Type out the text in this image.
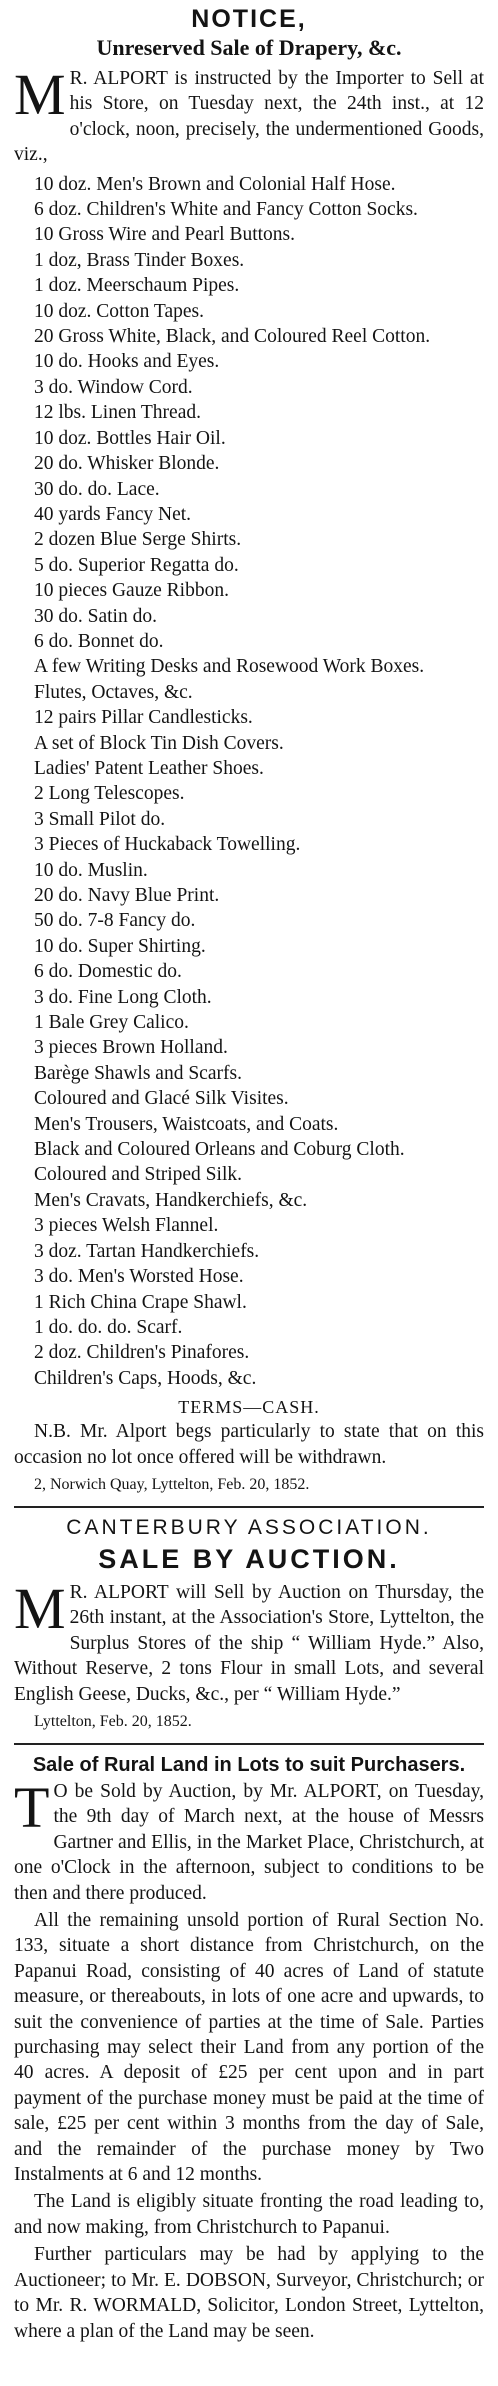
NOTICE,
Unreserved Sale of Drapery, &c.

M R. ALPORT is instructed by the Importer to Sell at his Store, on Tuesday next, the 24th inst., at 12 o'clock, noon, precisely, the undermentioned Goods, viz.,

10 doz. Men's Brown and Colonial Half Hose.
6 doz. Children's White and Fancy Cotton Socks.
10 Gross Wire and Pearl Buttons.
1 doz, Brass Tinder Boxes.
1 doz. Meerschaum Pipes.
10 doz. Cotton Tapes.
20 Gross White, Black, and Coloured Reel Cotton.
10 do. Hooks and Eyes.
3 do. Window Cord.
12 lbs. Linen Thread.
10 doz. Bottles Hair Oil.
20 do. Whisker Blonde.
30 do. do. Lace.
40 yards Fancy Net.
2 dozen Blue Serge Shirts.
5 do. Superior Regatta do.
10 pieces Gauze Ribbon.
30 do. Satin do.
6 do. Bonnet do.
A few Writing Desks and Rosewood Work Boxes.
Flutes, Octaves, &c.
12 pairs Pillar Candlesticks.
A set of Block Tin Dish Covers.
Ladies' Patent Leather Shoes.
2 Long Telescopes.
3 Small Pilot do.
3 Pieces of Huckaback Towelling.
10 do. Muslin.
20 do. Navy Blue Print.
50 do. 7-8 Fancy do.
10 do. Super Shirting.
6 do. Domestic do.
3 do. Fine Long Cloth.
1 Bale Grey Calico.
3 pieces Brown Holland.
Barège Shawls and Scarfs.
Coloured and Glacé Silk Visites.
Men's Trousers, Waistcoats, and Coats.
Black and Coloured Orleans and Coburg Cloth.
Coloured and Striped Silk.
Men's Cravats, Handkerchiefs, &c.
3 pieces Welsh Flannel.
3 doz. Tartan Handkerchiefs.
3 do. Men's Worsted Hose.
1 Rich China Crape Shawl.
1 do. do. do. Scarf.
2 doz. Children's Pinafores.
Children's Caps, Hoods, &c.
TERMS—CASH.

N.B. Mr. Alport begs particularly to state that on this occasion no lot once offered will be withdrawn.

2, Norwich Quay, Lyttelton, Feb. 20, 1852.
CANTERBURY ASSOCIATION.
SALE BY AUCTION.

M R. ALPORT will Sell by Auction on Thursday, the 26th instant, at the Association's Store, Lyttelton, the Surplus Stores of the ship “ William Hyde.” Also, Without Reserve, 2 tons Flour in small Lots, and several English Geese, Ducks, &c., per “ William Hyde.”

Lyttelton, Feb. 20, 1852.
Sale of Rural Land in Lots to suit Purchasers.

T O be Sold by Auction, by Mr. ALPORT, on Tuesday, the 9th day of March next, at the house of Messrs Gartner and Ellis, in the Market Place, Christchurch, at one o'Clock in the afternoon, subject to conditions to be then and there produced.

All the remaining unsold portion of Rural Section No. 133, situate a short distance from Christchurch, on the Papanui Road, consisting of 40 acres of Land of statute measure, or thereabouts, in lots of one acre and upwards, to suit the convenience of parties at the time of Sale. Parties purchasing may select their Land from any portion of the 40 acres. A deposit of £25 per cent upon and in part payment of the purchase money must be paid at the time of sale, £25 per cent within 3 months from the day of Sale, and the remainder of the purchase money by Two Instalments at 6 and 12 months.

The Land is eligibly situate fronting the road leading to, and now making, from Christchurch to Papanui.

Further particulars may be had by applying to the Auctioneer; to Mr. E. DOBSON, Surveyor, Christchurch; or to Mr. R. WORMALD, Solicitor, London Street, Lyttelton, where a plan of the Land may be seen.
